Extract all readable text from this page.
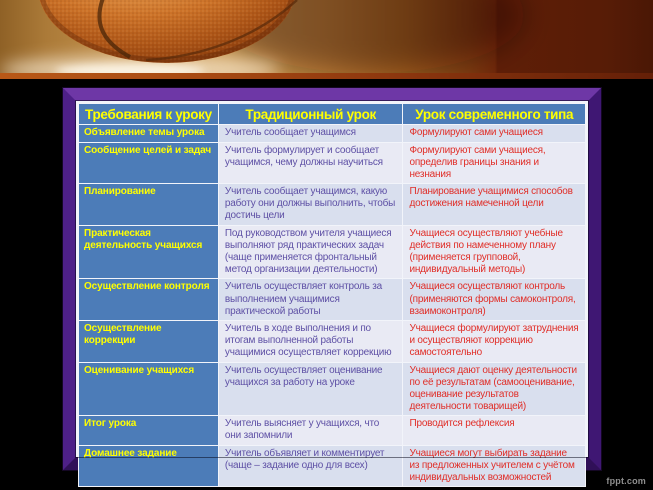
Требования к уроку	Традиционный урок	Урок современного типа
Объявление темы урока	Учитель сообщает учащимся	Формулируют сами учащиеся
Сообщение целей и задач	Учитель формулирует и сообщает учащимся, чему должны научиться	Формулируют сами учащиеся, определив границы знания и незнания
Планирование	Учитель сообщает учащимся, какую работу они должны выполнить, чтобы достичь цели	Планирование учащимися способов достижения намеченной цели
Практическая деятельность учащихся	Под руководством учителя учащиеся выполняют ряд практических задач (чаще применяется фронтальный метод организации деятельности)	Учащиеся осуществляют учебные действия по намеченному плану (применяется групповой, индивидуальный методы)
Осуществление контроля	Учитель осуществляет контроль за выполнением учащимися практической работы	Учащиеся осуществляют контроль (применяются формы самоконтроля, взаимоконтроля)
Осуществление коррекции	Учитель в ходе выполнения и по итогам выполненной работы учащимися осуществляет коррекцию	Учащиеся формулируют затруднения и осуществляют коррекцию самостоятельно
Оценивание учащихся	Учитель осуществляет оценивание учащихся за работу на уроке	Учащиеся дают оценку деятельности по её результатам (самооценивание, оценивание результатов деятельности товарищей)
Итог урока	Учитель выясняет у учащихся, что они запомнили	Проводится рефлексия
Домашнее задание	Учитель объявляет и комментирует (чаще – задание одно для всех)	Учащиеся могут выбирать задание из предложенных учителем с учётом индивидуальных возможностей	fppt.com
